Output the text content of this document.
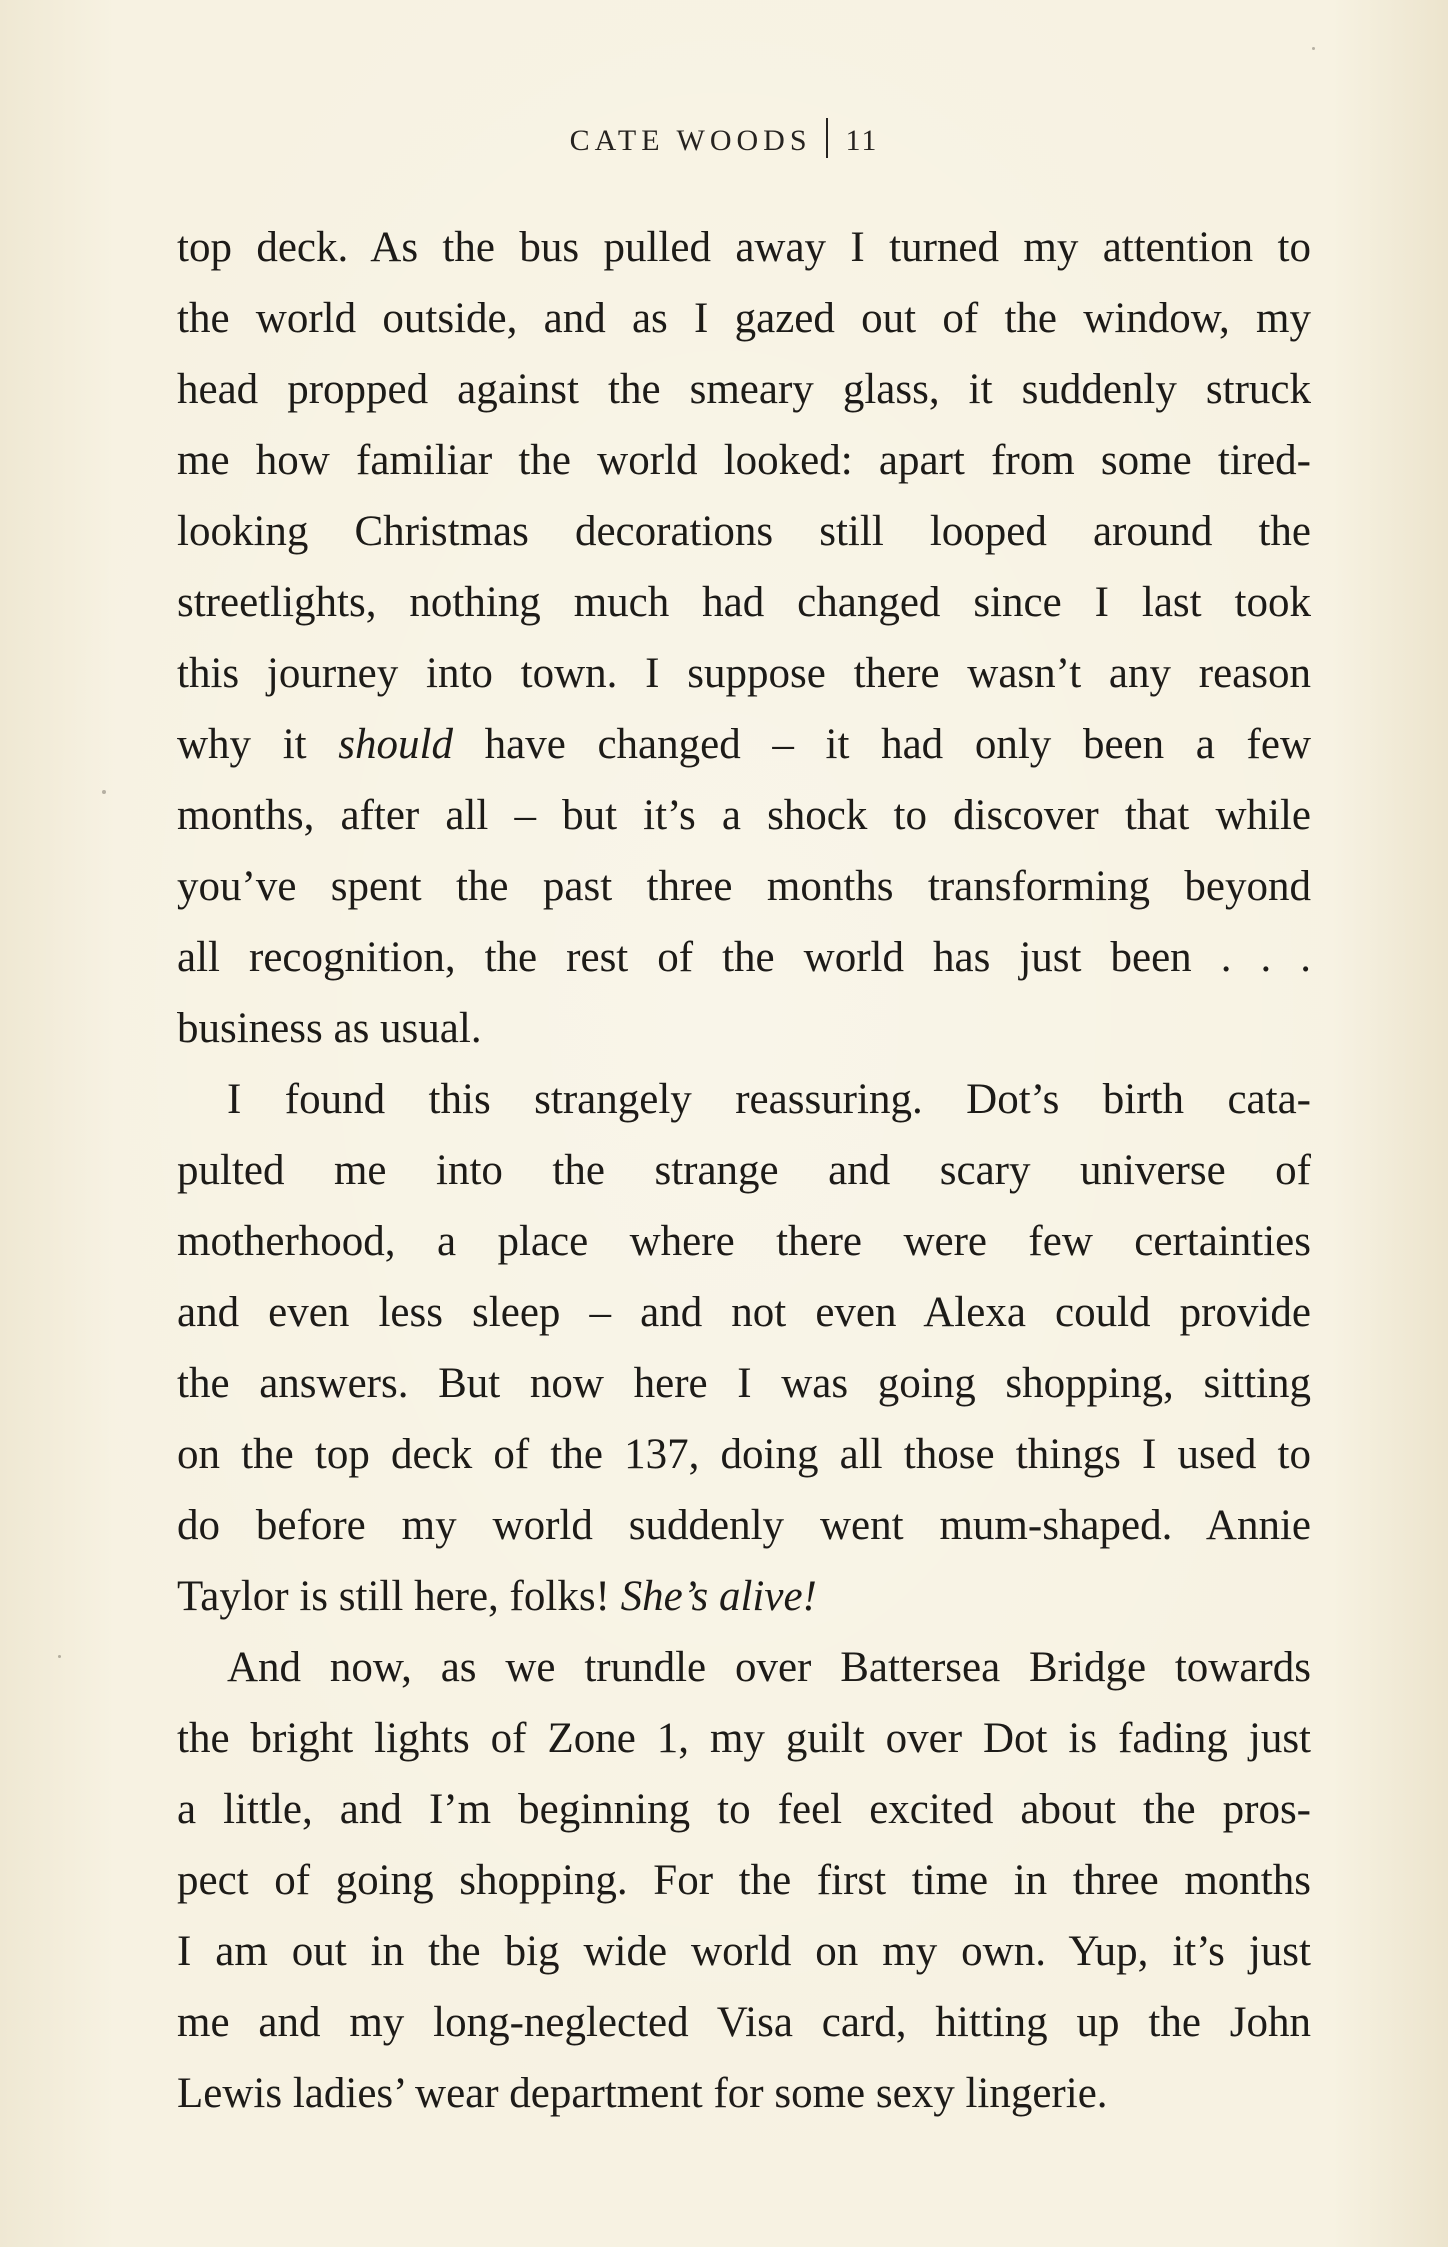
CATE WOODS 11
top deck. As the bus pulled away I turned my attention to
the world outside, and as I gazed out of the window, my
head propped against the smeary glass, it suddenly struck
me how familiar the world looked: apart from some tired-
looking Christmas decorations still looped around the
streetlights, nothing much had changed since I last took
this journey into town. I suppose there wasn’t any reason
why it should have changed – it had only been a few
months, after all – but it’s a shock to discover that while
you’ve spent the past three months transforming beyond
all recognition, the rest of the world has just been . . .
business as usual.
I found this strangely reassuring. Dot’s birth cata-
pulted me into the strange and scary universe of
motherhood, a place where there were few certainties
and even less sleep – and not even Alexa could provide
the answers. But now here I was going shopping, sitting
on the top deck of the 137, doing all those things I used to
do before my world suddenly went mum-shaped. Annie
Taylor is still here, folks! She’s alive!
And now, as we trundle over Battersea Bridge towards
the bright lights of Zone 1, my guilt over Dot is fading just
a little, and I’m beginning to feel excited about the pros-
pect of going shopping. For the first time in three months
I am out in the big wide world on my own. Yup, it’s just
me and my long-neglected Visa card, hitting up the John
Lewis ladies’ wear department for some sexy lingerie.
